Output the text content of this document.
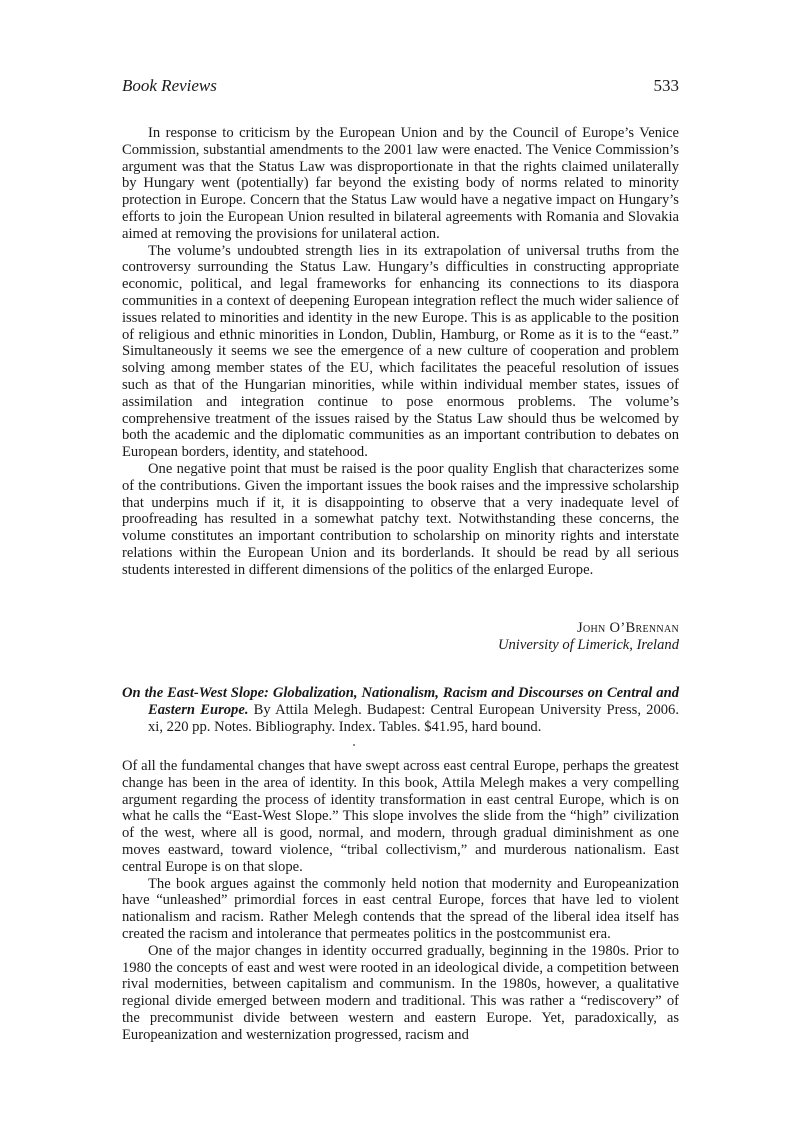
Book Reviews	533

In response to criticism by the European Union and by the Council of Europe’s Venice Commission, substantial amendments to the 2001 law were enacted. The Venice Commission’s argument was that the Status Law was disproportionate in that the rights claimed unilaterally by Hungary went (potentially) far beyond the existing body of norms related to minority protection in Europe. Concern that the Status Law would have a negative impact on Hungary’s efforts to join the European Union resulted in bilateral agreements with Romania and Slovakia aimed at removing the provisions for unilateral action.

The volume’s undoubted strength lies in its extrapolation of universal truths from the controversy surrounding the Status Law. Hungary’s difficulties in constructing appropriate economic, political, and legal frameworks for enhancing its connections to its diaspora communities in a context of deepening European integration reflect the much wider salience of issues related to minorities and identity in the new Europe. This is as applicable to the position of religious and ethnic minorities in London, Dublin, Hamburg, or Rome as it is to the “east.” Simultaneously it seems we see the emergence of a new culture of cooperation and problem solving among member states of the EU, which facilitates the peaceful resolution of issues such as that of the Hungarian minorities, while within individual member states, issues of assimilation and integration continue to pose enormous problems. The volume’s comprehensive treatment of the issues raised by the Status Law should thus be welcomed by both the academic and the diplomatic communities as an important contribution to debates on European borders, identity, and statehood.

One negative point that must be raised is the poor quality English that characterizes some of the contributions. Given the important issues the book raises and the impressive scholarship that underpins much if it, it is disappointing to observe that a very inadequate level of proofreading has resulted in a somewhat patchy text. Notwithstanding these concerns, the volume constitutes an important contribution to scholarship on minority rights and interstate relations within the European Union and its borderlands. It should be read by all serious students interested in different dimensions of the politics of the enlarged Europe.

John O’Brennan
University of Limerick, Ireland
On the East-West Slope: Globalization, Nationalism, Racism and Discourses on Central and Eastern Europe. By Attila Melegh. Budapest: Central European University Press, 2006. xi, 220 pp. Notes. Bibliography. Index. Tables. $41.95, hard bound.

Of all the fundamental changes that have swept across east central Europe, perhaps the greatest change has been in the area of identity. In this book, Attila Melegh makes a very compelling argument regarding the process of identity transformation in east central Europe, which is on what he calls the “East-West Slope.” This slope involves the slide from the “high” civilization of the west, where all is good, normal, and modern, through gradual diminishment as one moves eastward, toward violence, “tribal collectivism,” and murderous nationalism. East central Europe is on that slope.

The book argues against the commonly held notion that modernity and Europeanization have “unleashed” primordial forces in east central Europe, forces that have led to violent nationalism and racism. Rather Melegh contends that the spread of the liberal idea itself has created the racism and intolerance that permeates politics in the postcommunist era.

One of the major changes in identity occurred gradually, beginning in the 1980s. Prior to 1980 the concepts of east and west were rooted in an ideological divide, a competition between rival modernities, between capitalism and communism. In the 1980s, however, a qualitative regional divide emerged between modern and traditional. This was rather a “rediscovery” of the precommunist divide between western and eastern Europe. Yet, paradoxically, as Europeanization and westernization progressed, racism and
